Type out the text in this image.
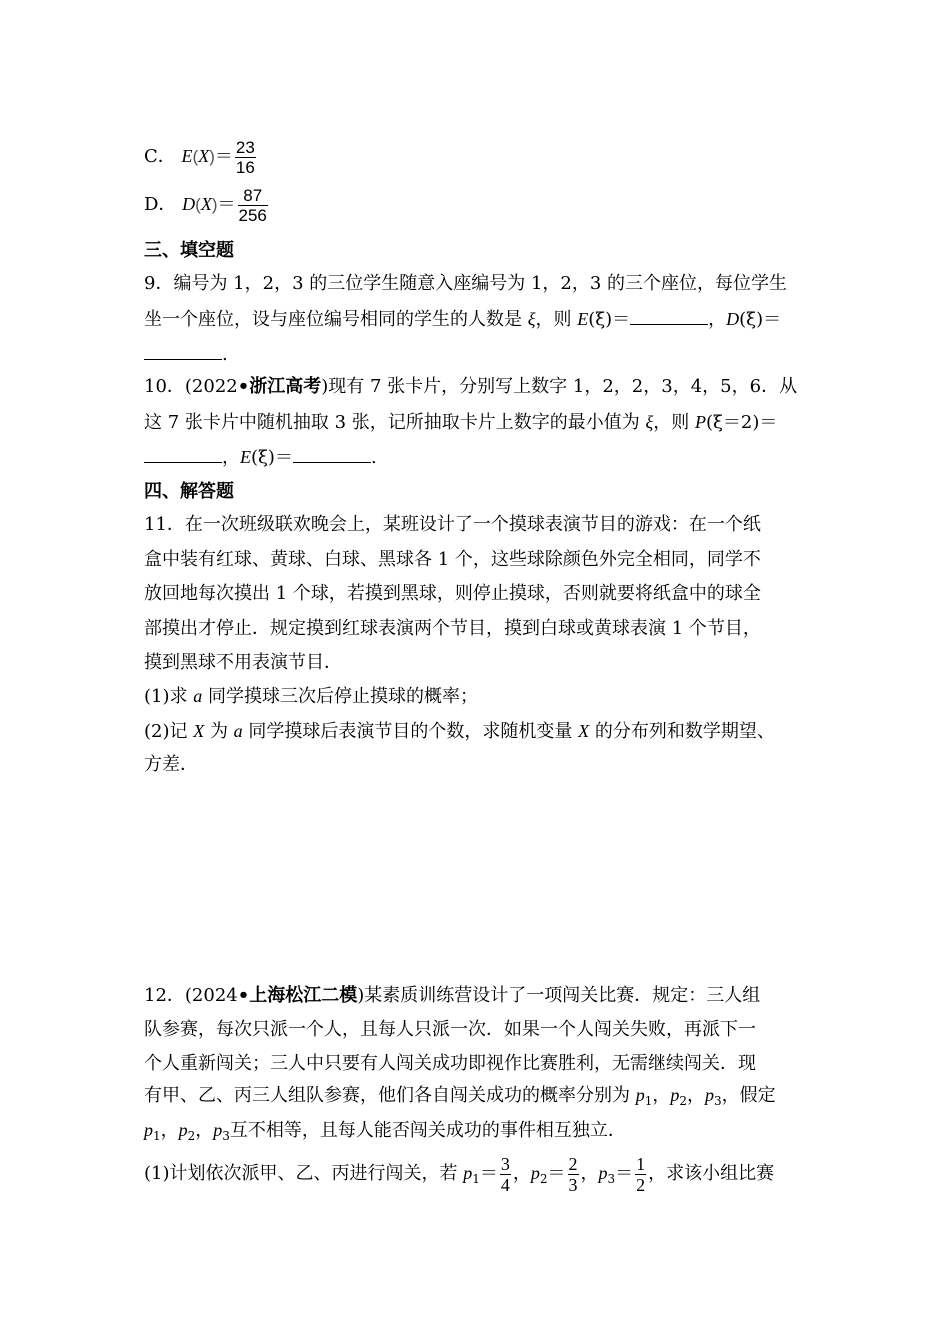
C． $E(X)= \frac{23}{16}$
D． $D(X)= \frac{87}{256}$
三、填空题
9．编号为 1，2，3 的三位学生随意入座编号为 1，2，3 的三个座位，每位学生
坐一个座位，设与座位编号相同的学生的人数是 ξ，则 E(ξ)＝	，D(ξ)＝
.
10．(2022•浙江高考)现有 7 张卡片，分别写上数字 1，2，2，3，4，5，6．从
这 7 张卡片中随机抽取 3 张，记所抽取卡片上数字的最小值为 ξ，则 P(ξ＝2)＝
，E(ξ)＝	.
四、解答题
11．在一次班级联欢晚会上，某班设计了一个摸球表演节目的游戏：在一个纸
盒中装有红球、黄球、白球、黑球各 1 个，这些球除颜色外完全相同，同学不
放回地每次摸出 1 个球，若摸到黑球，则停止摸球，否则就要将纸盒中的球全
部摸出才停止．规定摸到红球表演两个节目，摸到白球或黄球表演 1 个节目，
摸到黑球不用表演节目．
(1)求 a 同学摸球三次后停止摸球的概率；
(2)记 X 为 a 同学摸球后表演节目的个数，求随机变量 X 的分布列和数学期望、
方差．
12．(2024•上海松江二模)某素质训练营设计了一项闯关比赛．规定：三人组
队参赛，每次只派一个人，且每人只派一次．如果一个人闯关失败，再派下一
个人重新闯关；三人中只要有人闯关成功即视作比赛胜利，无需继续闯关．现
有甲、乙、丙三人组队参赛，他们各自闯关成功的概率分别为 $p_1$，$p_2$，$p_3$，假定
$p_1$，$p_2$，$p_3$互不相等，且每人能否闯关成功的事件相互独立．
(1)计划依次派甲、乙、丙进行闯关，若 $p_1= \frac{3}{4}$ ，$p_2= \frac{2}{3}$ ，$p_3= \frac{1}{2}$ ，求该小组比赛
